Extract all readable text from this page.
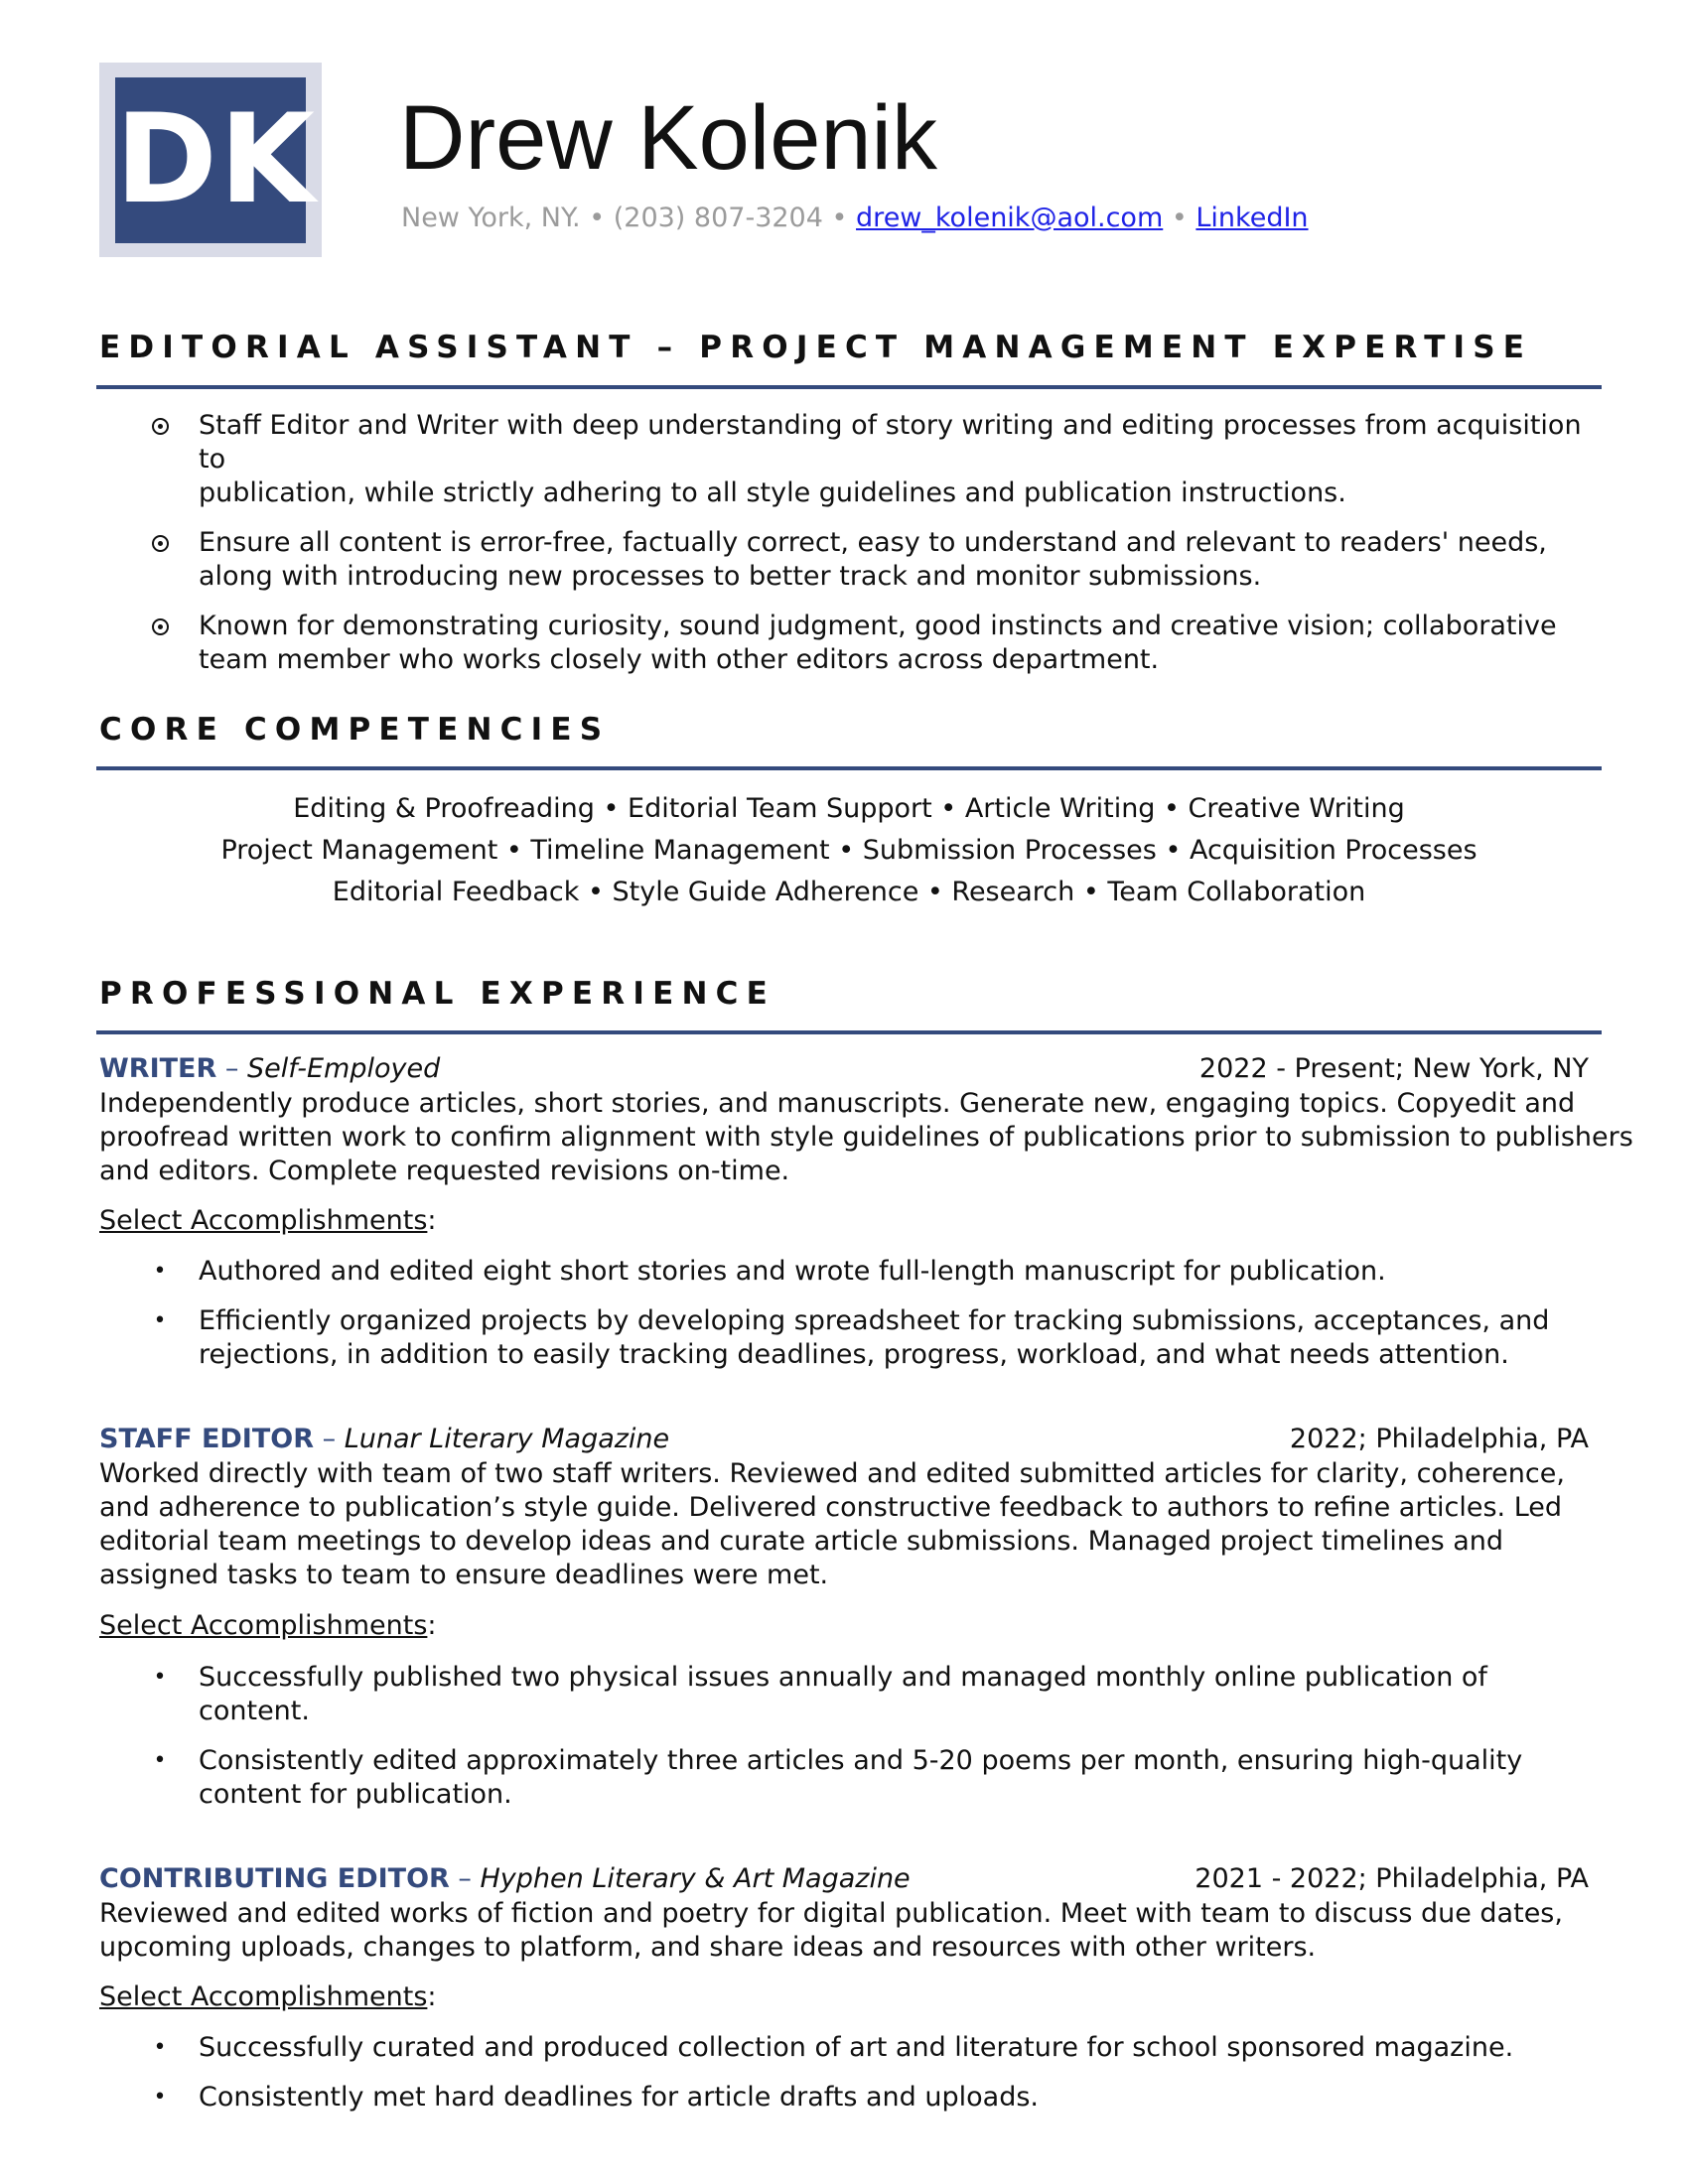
DK Drew Kolenik
New York, NY. • (203) 807-3204 • drew_kolenik@aol.com • LinkedIn
EDITORIAL ASSISTANT – PROJECT MANAGEMENT EXPERTISE
Staff Editor and Writer with deep understanding of story writing and editing processes from acquisition to
publication, while strictly adhering to all style guidelines and publication instructions.
Ensure all content is error-free, factually correct, easy to understand and relevant to readers' needs,
along with introducing new processes to better track and monitor submissions.
Known for demonstrating curiosity, sound judgment, good instincts and creative vision; collaborative
team member who works closely with other editors across department.
CORE COMPETENCIES
Editing & Proofreading • Editorial Team Support • Article Writing • Creative Writing
Project Management • Timeline Management • Submission Processes • Acquisition Processes
Editorial Feedback • Style Guide Adherence • Research • Team Collaboration
PROFESSIONAL EXPERIENCE
WRITER – Self-Employed	2022 - Present; New York, NY
Independently produce articles, short stories, and manuscripts. Generate new, engaging topics. Copyedit and
proofread written work to confirm alignment with style guidelines of publications prior to submission to publishers
and editors. Complete requested revisions on-time.
Select Accomplishments:
•	Authored and edited eight short stories and wrote full-length manuscript for publication.
•	Efficiently organized projects by developing spreadsheet for tracking submissions, acceptances, and
rejections, in addition to easily tracking deadlines, progress, workload, and what needs attention.
STAFF EDITOR – Lunar Literary Magazine	2022; Philadelphia, PA
Worked directly with team of two staff writers. Reviewed and edited submitted articles for clarity, coherence,
and adherence to publication’s style guide. Delivered constructive feedback to authors to refine articles. Led
editorial team meetings to develop ideas and curate article submissions. Managed project timelines and
assigned tasks to team to ensure deadlines were met.
Select Accomplishments:
•	Successfully published two physical issues annually and managed monthly online publication of
content.
•	Consistently edited approximately three articles and 5-20 poems per month, ensuring high-quality
content for publication.
CONTRIBUTING EDITOR – Hyphen Literary & Art Magazine	2021 - 2022; Philadelphia, PA
Reviewed and edited works of fiction and poetry for digital publication. Meet with team to discuss due dates,
upcoming uploads, changes to platform, and share ideas and resources with other writers.
Select Accomplishments:
•	Successfully curated and produced collection of art and literature for school sponsored magazine.
•	Consistently met hard deadlines for article drafts and uploads.
